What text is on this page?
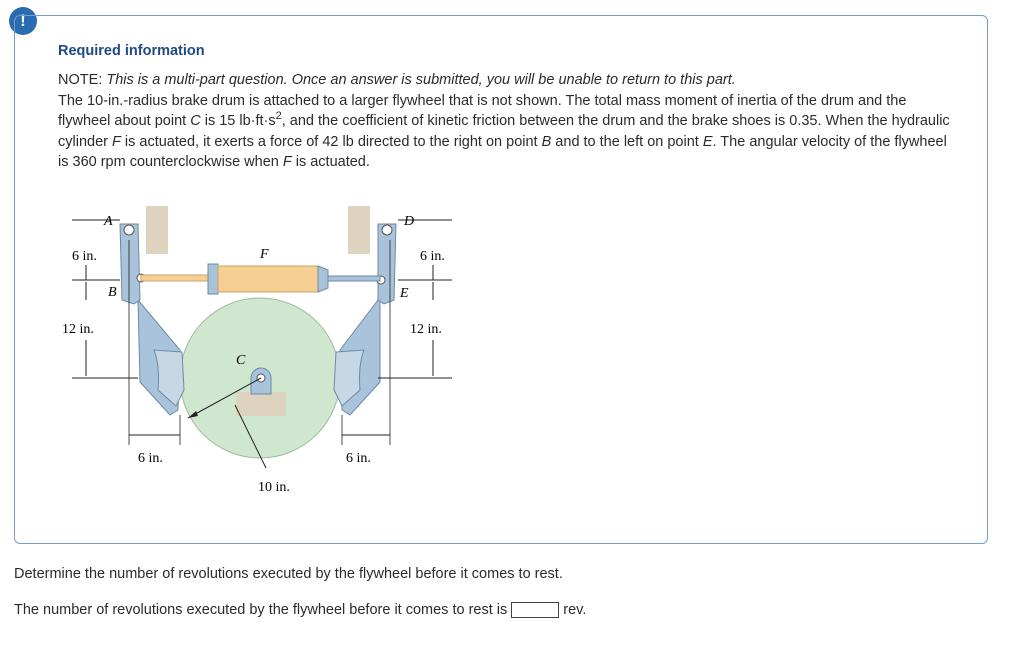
!
Required information
NOTE: This is a multi-part question. Once an answer is submitted, you will be unable to return to this part.
The 10-in.-radius brake drum is attached to a larger flywheel that is not shown. The total mass moment of inertia of the drum and the flywheel about point C is 15 $lb\cdot ft\cdot s^2$, and the coefficient of kinetic friction between the drum and the brake shoes is 0.35. When the hydraulic cylinder F is actuated, it exerts a force of 42 lb directed to the right on point B and to the left on point E. The angular velocity of the flywheel is 360 rpm counterclockwise when F is actuated.
A
B
C
D
E
F
6 in.
12 in.
6 in.
12 in.
6 in.	6 in.
10 in.
Determine the number of revolutions executed by the flywheel before it comes to rest.
The number of revolutions executed by the flywheel before it comes to rest is	rev.
